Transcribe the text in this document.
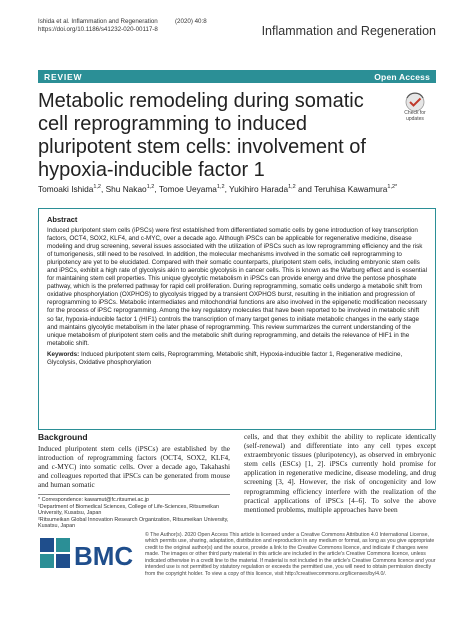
Ishida et al. Inflammation and Regeneration
https://doi.org/10.1186/s41232-020-00117-8
(2020) 40:8
Inflammation and Regeneration
REVIEW	Open Access
Metabolic remodeling during somatic cell reprogramming to induced pluripotent stem cells: involvement of hypoxia-inducible factor 1
Check for
updates
Tomoaki Ishida$^{1,2}$, Shu Nakao$^{1,2}$, Tomoe Ueyama$^{1,2}$, Yukihiro Harada$^{1,2}$ and Teruhisa Kawamura$^{1,2*}$
Abstract

Induced pluripotent stem cells (iPSCs) were first established from differentiated somatic cells by gene introduction of key transcription factors, OCT4, SOX2, KLF4, and c-MYC, over a decade ago. Although iPSCs can be applicable for regenerative medicine, disease modeling and drug screening, several issues associated with the utilization of iPSCs such as low reprogramming efficiency and the risk of tumorigenesis, still need to be resolved. In addition, the molecular mechanisms involved in the somatic cell reprogramming to pluripotency are yet to be elucidated. Compared with their somatic counterparts, pluripotent stem cells, including embryonic stem cells and iPSCs, exhibit a high rate of glycolysis akin to aerobic glycolysis in cancer cells. This is known as the Warburg effect and is essential for maintaining stem cell properties. This unique glycolytic metabolism in iPSCs can provide energy and drive the pentose phosphate pathway, which is the preferred pathway for rapid cell proliferation. During reprogramming, somatic cells undergo a metabolic shift from oxidative phosphorylation (OXPHOS) to glycolysis trigged by a transient OXPHOS burst, resulting in the initiation and progression of reprogramming to iPSCs. Metabolic intermediates and mitochondrial functions are also involved in the epigenetic modification necessary for the process of iPSC reprogramming. Among the key regulatory molecules that have been reported to be involved in metabolic shift so far, hypoxia-inducible factor 1 (HIF1) controls the transcription of many target genes to initiate metabolic changes in the early stage and maintains glycolytic metabolism in the later phase of reprogramming. This review summarizes the current understanding of the unique metabolism of pluripotent stem cells and the metabolic shift during reprogramming, and details the relevance of HIF1 in the metabolic shift.

Keywords: Induced pluripotent stem cells, Reprogramming, Metabolic shift, Hypoxia-inducible factor 1, Regenerative medicine, Glycolysis, Oxidative phosphorylation

Background

Induced pluripotent stem cells (iPSCs) are established by the introduction of reprogramming factors (OCT4, SOX2, KLF4, and c-MYC) into somatic cells. Over a decade ago, Takahashi and colleagues reported that iPSCs can be generated from mouse and human somatic

cells, and that they exhibit the ability to replicate identically (self-renewal) and differentiate into any cell types except extraembryonic tissues (pluripotency), as observed in embryonic stem cells (ESCs) [1, 2]. iPSCs currently hold promise for application in regenerative medicine, disease modeling, and drug screening [3, 4]. However, the risk of oncogenicity and low reprogramming efficiency interfere with the realization of the practical applications of iPSCs [4–6]. To solve the above mentioned problems, multiple approaches have been

* Correspondence: kawamut@fc.ritsumei.ac.jp
¹Department of Biomedical Sciences, College of Life-Sciences, Ritsumeikan University, Kusatsu, Japan
²Ritsumeikan Global Innovation Research Organization, Ritsumeikan University, Kusatsu, Japan
BMC
© The Author(s). 2020 Open Access This article is licensed under a Creative Commons Attribution 4.0 International License, which permits use, sharing, adaptation, distribution and reproduction in any medium or format, as long as you give appropriate credit to the original author(s) and the source, provide a link to the Creative Commons licence, and indicate if changes were made. The images or other third party material in this article are included in the article's Creative Commons licence, unless indicated otherwise in a credit line to the material. If material is not included in the article's Creative Commons licence and your intended use is not permitted by statutory regulation or exceeds the permitted use, you will need to obtain permission directly from the copyright holder. To view a copy of this licence, visit http://creativecommons.org/licenses/by/4.0/.
